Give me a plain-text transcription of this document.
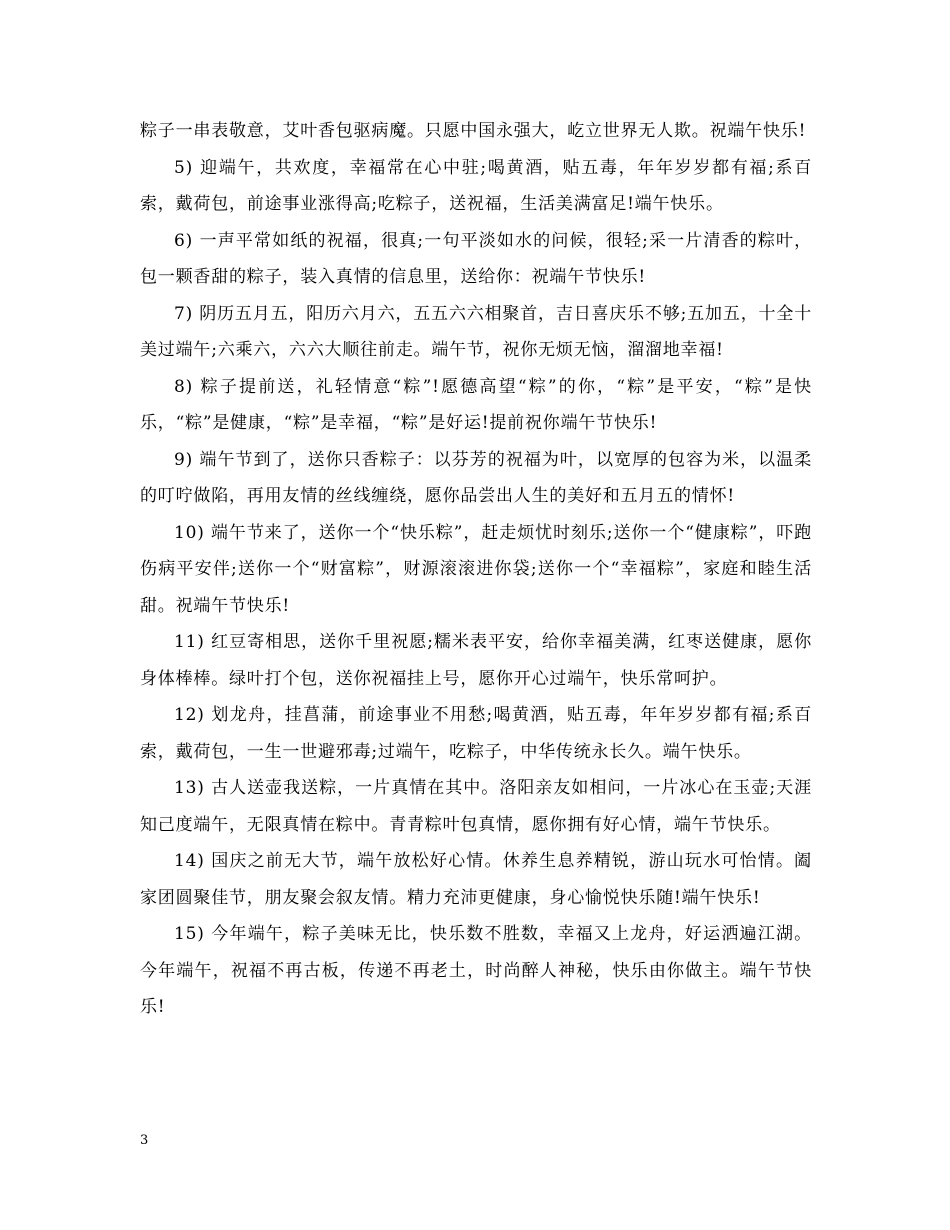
粽子一串表敬意，艾叶香包驱病魔。只愿中国永强大，屹立世界无人欺。祝端午快乐!

5) 迎端午，共欢度，幸福常在心中驻;喝黄酒，贴五毒，年年岁岁都有福;系百索，戴荷包，前途事业涨得高;吃粽子，送祝福，生活美满富足!端午快乐。

6) 一声平常如纸的祝福，很真;一句平淡如水的问候，很轻;采一片清香的粽叶，包一颗香甜的粽子，装入真情的信息里，送给你：祝端午节快乐!

7) 阴历五月五，阳历六月六，五五六六相聚首，吉日喜庆乐不够;五加五，十全十美过端午;六乘六，六六大顺往前走。端午节，祝你无烦无恼，溜溜地幸福!

8) 粽子提前送，礼轻情意“粽”!愿德高望“粽”的你，“粽”是平安，“粽”是快乐，“粽”是健康，“粽”是幸福，“粽”是好运!提前祝你端午节快乐!

9) 端午节到了，送你只香粽子：以芬芳的祝福为叶，以宽厚的包容为米，以温柔的叮咛做陷，再用友情的丝线缠绕，愿你品尝出人生的美好和五月五的情怀!

10) 端午节来了，送你一个“快乐粽”，赶走烦忧时刻乐;送你一个“健康粽”，吓跑伤病平安伴;送你一个“财富粽”，财源滚滚进你袋;送你一个“幸福粽”，家庭和睦生活甜。祝端午节快乐!

11) 红豆寄相思，送你千里祝愿;糯米表平安，给你幸福美满，红枣送健康，愿你身体棒棒。绿叶打个包，送你祝福挂上号，愿你开心过端午，快乐常呵护。

12) 划龙舟，挂菖蒲，前途事业不用愁;喝黄酒，贴五毒，年年岁岁都有福;系百索，戴荷包，一生一世避邪毒;过端午，吃粽子，中华传统永长久。端午快乐。

13) 古人送壶我送粽，一片真情在其中。洛阳亲友如相问，一片冰心在玉壶;天涯知己度端午，无限真情在粽中。青青粽叶包真情，愿你拥有好心情，端午节快乐。

14) 国庆之前无大节，端午放松好心情。休养生息养精锐，游山玩水可怡情。阖家团圆聚佳节，朋友聚会叙友情。精力充沛更健康，身心愉悦快乐随!端午快乐!

15) 今年端午，粽子美味无比，快乐数不胜数，幸福又上龙舟，好运洒遍江湖。今年端午，祝福不再古板，传递不再老土，时尚醉人神秘，快乐由你做主。端午节快乐!

3
